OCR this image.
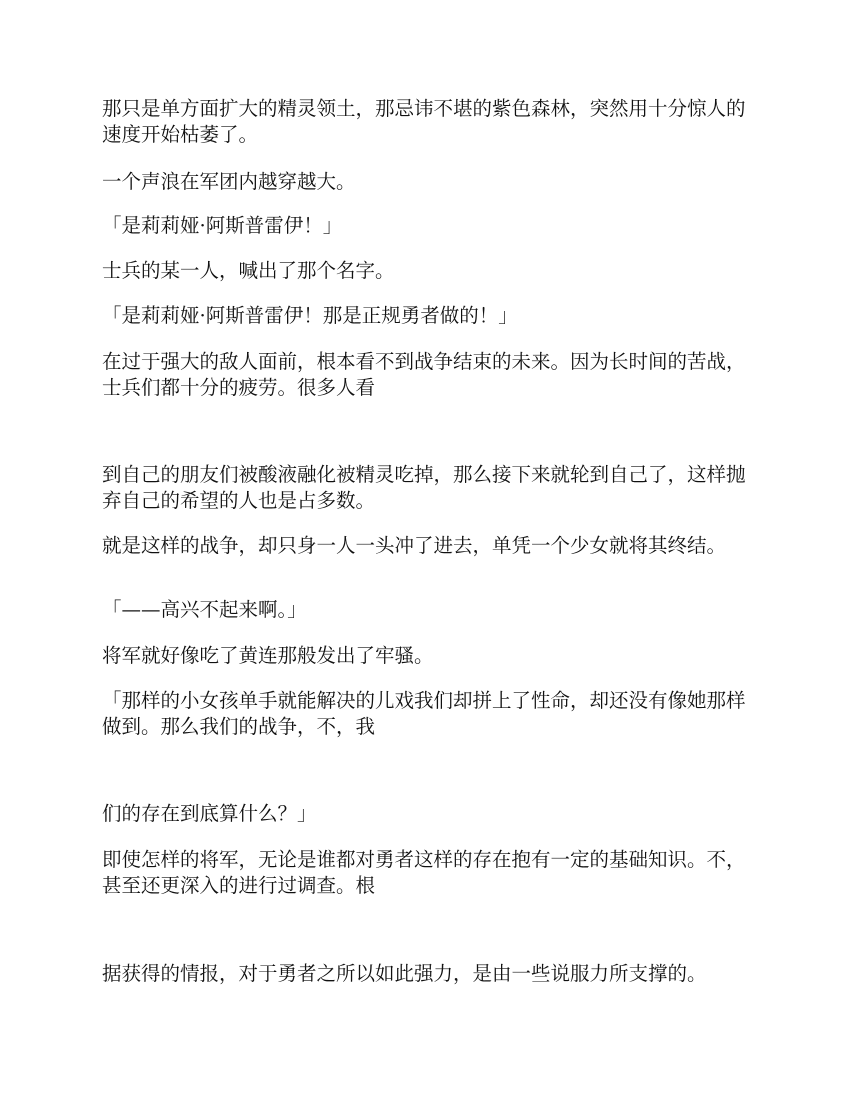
那只是单方面扩大的精灵领土，那忌讳不堪的紫色森林，突然用十分惊人的速度开始枯萎了。

一个声浪在军团内越穿越大。

「是莉莉娅·阿斯普雷伊！」

士兵的某一人，喊出了那个名字。

「是莉莉娅·阿斯普雷伊！那是正规勇者做的！」

在过于强大的敌人面前，根本看不到战争结束的未来。因为长时间的苦战，士兵们都十分的疲劳。很多人看

到自己的朋友们被酸液融化被精灵吃掉，那么接下来就轮到自己了，这样抛弃自己的希望的人也是占多数。

就是这样的战争，却只身一人一头冲了进去，单凭一个少女就将其终结。

「——高兴不起来啊。」

将军就好像吃了黄连那般发出了牢骚。

「那样的小女孩单手就能解决的儿戏我们却拼上了性命，却还没有像她那样做到。那么我们的战争，不，我

们的存在到底算什么？」

即使怎样的将军，无论是谁都对勇者这样的存在抱有一定的基础知识。不，甚至还更深入的进行过调查。根

据获得的情报，对于勇者之所以如此强力，是由一些说服力所支撑的。
